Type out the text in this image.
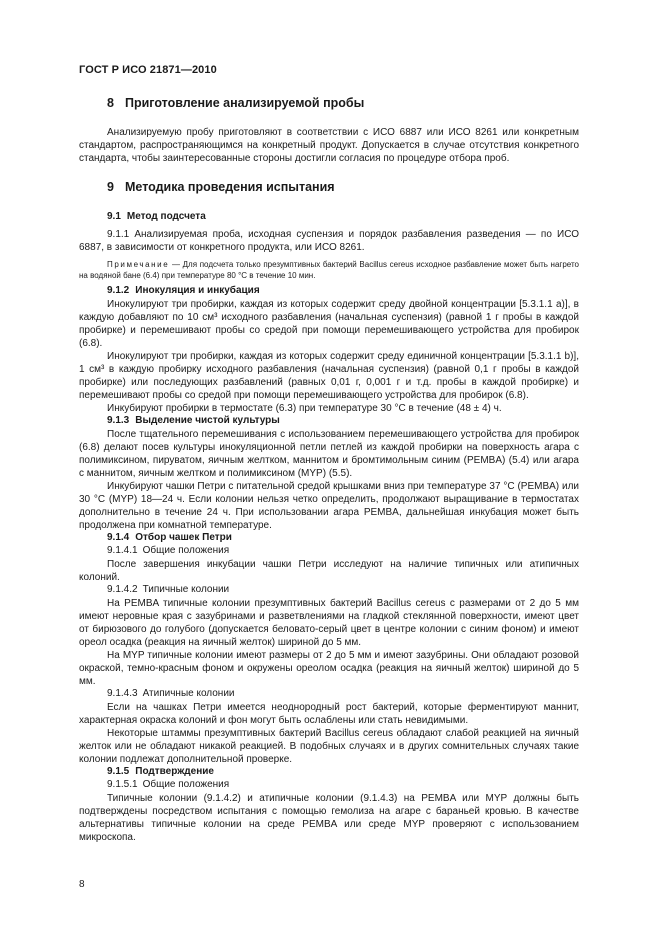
ГОСТ Р ИСО 21871—2010
8 Приготовление анализируемой пробы

Анализируемую пробу приготовляют в соответствии с ИСО 6887 или ИСО 8261 или конкретным стандартом, распространяющимся на конкретный продукт. Допускается в случае отсутствия конкретного стандарта, чтобы заинтересованные стороны достигли согласия по процедуре отбора проб.

9 Методика проведения испытания
9.1 Метод подсчета

9.1.1 Анализируемая проба, исходная суспензия и порядок разбавления разведения — по ИСО 6887, в зависимости от конкретного продукта, или ИСО 8261.

Примечание — Для подсчета только презумптивных бактерий Bacillus cereus исходное разбавление может быть нагрето на водяной бане (6.4) при температуре 80 °С в течение 10 мин.

9.1.2 Инокуляция и инкубация

Инокулируют три пробирки, каждая из которых содержит среду двойной концентрации [5.3.1.1 а)], в каждую добавляют по 10 см³ исходного разбавления (начальная суспензия) (равной 1 г пробы в каждой пробирке) и перемешивают пробы со средой при помощи перемешивающего устройства для пробирок (6.8).

Инокулируют три пробирки, каждая из которых содержит среду единичной концентрации [5.3.1.1 b)], 1 см³ в каждую пробирку исходного разбавления (начальная суспензия) (равной 0,1 г пробы в каждой пробирке) или последующих разбавлений (равных 0,01 г, 0,001 г и т.д. пробы в каждой пробирке) и перемешивают пробы со средой при помощи перемешивающего устройства для пробирок (6.8).

Инкубируют пробирки в термостате (6.3) при температуре 30 °С в течение (48 ± 4) ч.

9.1.3 Выделение чистой культуры

После тщательного перемешивания с использованием перемешивающего устройства для пробирок (6.8) делают посев культуры инокуляционной петли петлей из каждой пробирки на поверхность агара с полимиксином, пируватом, яичным желтком, маннитом и бромтимольным синим (PEMBA) (5.4) или агара с маннитом, яичным желтком и полимиксином (MYP) (5.5).

Инкубируют чашки Петри с питательной средой крышками вниз при температуре 37 °С (PEMBA) или 30 °С (MYP) 18—24 ч. Если колонии нельзя четко определить, продолжают выращивание в термостатах дополнительно в течение 24 ч. При использовании агара PEMBA, дальнейшая инкубация может быть продолжена при комнатной температуре.

9.1.4 Отбор чашек Петри
9.1.4.1 Общие положения

После завершения инкубации чашки Петри исследуют на наличие типичных или атипичных колоний.

9.1.4.2 Типичные колонии

На PEMBA типичные колонии презумптивных бактерий Bacillus cereus с размерами от 2 до 5 мм имеют неровные края с зазубринами и разветвлениями на гладкой стеклянной поверхности, имеют цвет от бирюзового до голубого (допускается беловато-серый цвет в центре колонии с синим фоном) и имеют ореол осадка (реакция на яичный желток) шириной до 5 мм.

На MYP типичные колонии имеют размеры от 2 до 5 мм и имеют зазубрины. Они обладают розовой окраской, темно-красным фоном и окружены ореолом осадка (реакция на яичный желток) шириной до 5 мм.

9.1.4.3 Атипичные колонии

Если на чашках Петри имеется неоднородный рост бактерий, которые ферментируют маннит, характерная окраска колоний и фон могут быть ослаблены или стать невидимыми.

Некоторые штаммы презумптивных бактерий Bacillus cereus обладают слабой реакцией на яичный желток или не обладают никакой реакцией. В подобных случаях и в других сомнительных случаях такие колонии подлежат дополнительной проверке.

9.1.5 Подтверждение
9.1.5.1 Общие положения

Типичные колонии (9.1.4.2) и атипичные колонии (9.1.4.3) на PEMBA или MYP должны быть подтверждены посредством испытания с помощью гемолиза на агаре с бараньей кровью. В качестве альтернативы типичные колонии на среде PEMBA или среде MYP проверяют с использованием микроскопа.

8
